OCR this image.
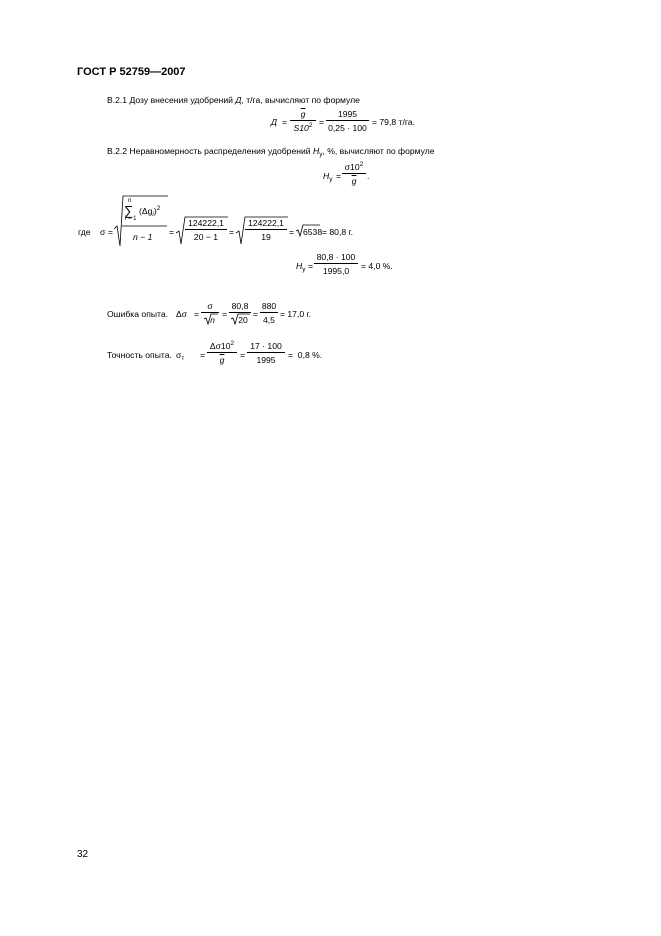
ГОСТ Р 52759—2007
В.2.1 Дозу внесения удобрений Д, т/га, вычисляют по формуле
$Д = \frac{\overline{g}}{S10^2} = \frac{1995}{0,25 \cdot 100} = 79,8$ т/га.
В.2.2 Неравномерность распределения удобрений $H_у$, %, вычисляют по формуле
$H_у = \frac{\sigma 10^2}{g}$ .
где σ =
n
∑
i = 1
$(\Delta g_i)^2$
$n - 1 = \frac{124222,1}{20 - 1} = \frac{124222,1}{19} = 6538 = 80,8$ г.
$H_у = \frac{80,8 \cdot 100}{1995,0} = 4,0$ %.
Ошибка опыта. $\Delta\sigma = \frac{\sigma}{n} = \frac{80,8}{20} = \frac{880}{4,5} = 17,0$ г.
Точность опыта. $\sigma_т = \frac{\Delta\sigma 10^2}{g} = \frac{17 \cdot 100}{1995} = 0,8$ %.
32
